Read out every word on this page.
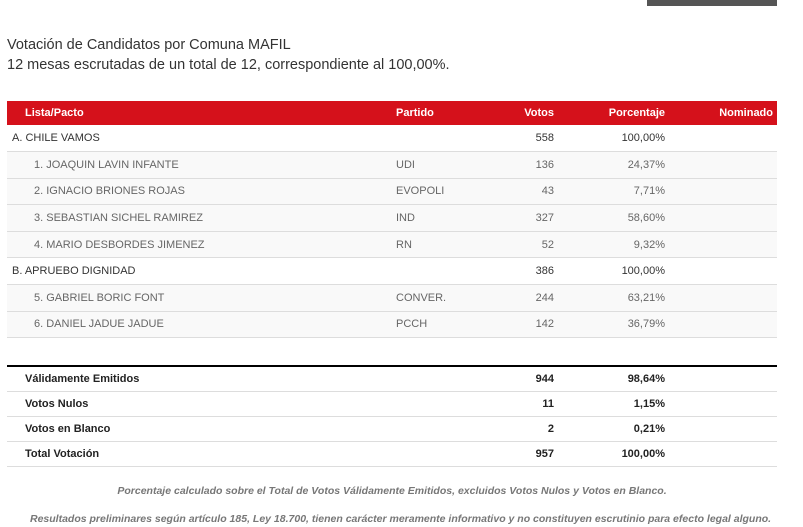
Votación de Candidatos por Comuna MAFIL
12 mesas escrutadas de un total de 12, correspondiente al 100,00%.
Lista/Pacto	Partido	Votos	Porcentaje	Nominado
A. CHILE VAMOS		558	100,00%	
1. JOAQUIN LAVIN INFANTE	UDI	136	24,37%	
2. IGNACIO BRIONES ROJAS	EVOPOLI	43	7,71%	
3. SEBASTIAN SICHEL RAMIREZ	IND	327	58,60%	
4. MARIO DESBORDES JIMENEZ	RN	52	9,32%	
B. APRUEBO DIGNIDAD		386	100,00%	
5. GABRIEL BORIC FONT	CONVER.	244	63,21%	
6. DANIEL JADUE JADUE	PCCH	142	36,79%	
Válidamente Emitidos	944	98,64%
Votos Nulos	11	1,15%
Votos en Blanco	2	0,21%
Total Votación	957	100,00%
Porcentaje calculado sobre el Total de Votos Válidamente Emitidos, excluidos Votos Nulos y Votos en Blanco.
Resultados preliminares según artículo 185, Ley 18.700, tienen carácter meramente informativo y no constituyen escrutinio para efecto legal alguno.
